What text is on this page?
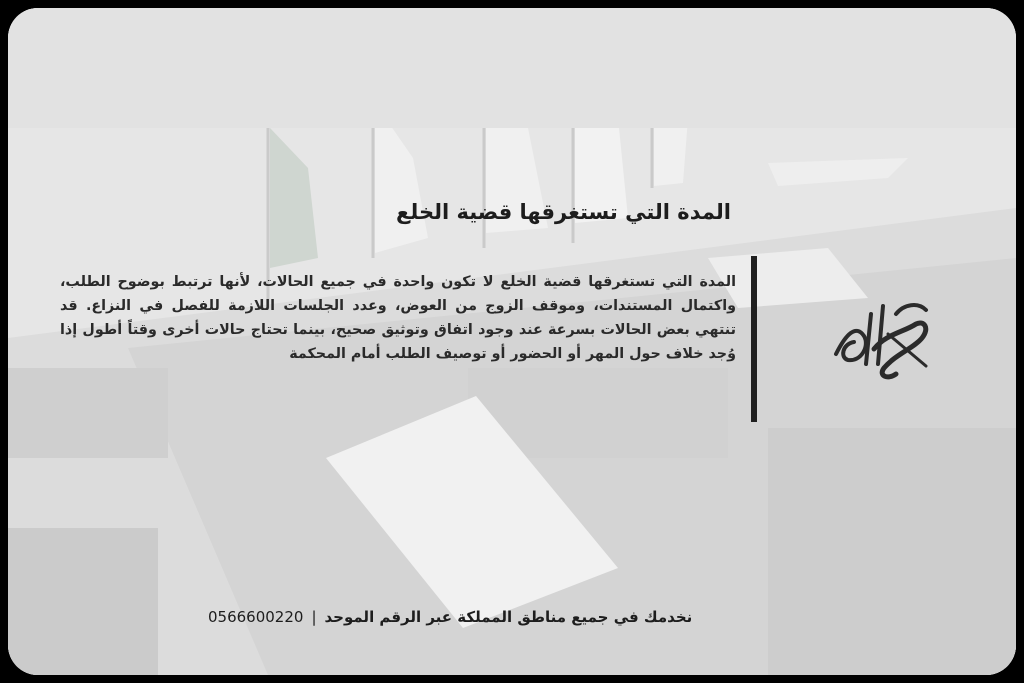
المدة التي تستغرقها قضية الخلع
المدة التي تستغرقها قضية الخلع لا تكون واحدة في جميع الحالات، لأنها ترتبط بوضوح الطلب، واكتمال المستندات، وموقف الزوج من العوض، وعدد الجلسات اللازمة للفصل في النزاع. قد تنتهي بعض الحالات بسرعة عند وجود اتفاق وتوثيق صحيح، بينما تحتاج حالات أخرى وقتاً أطول إذا وُجد خلاف حول المهر أو الحضور أو توصيف الطلب أمام المحكمة
نخدمك في جميع مناطق المملكة عبر الرقم الموحد|0566600220
